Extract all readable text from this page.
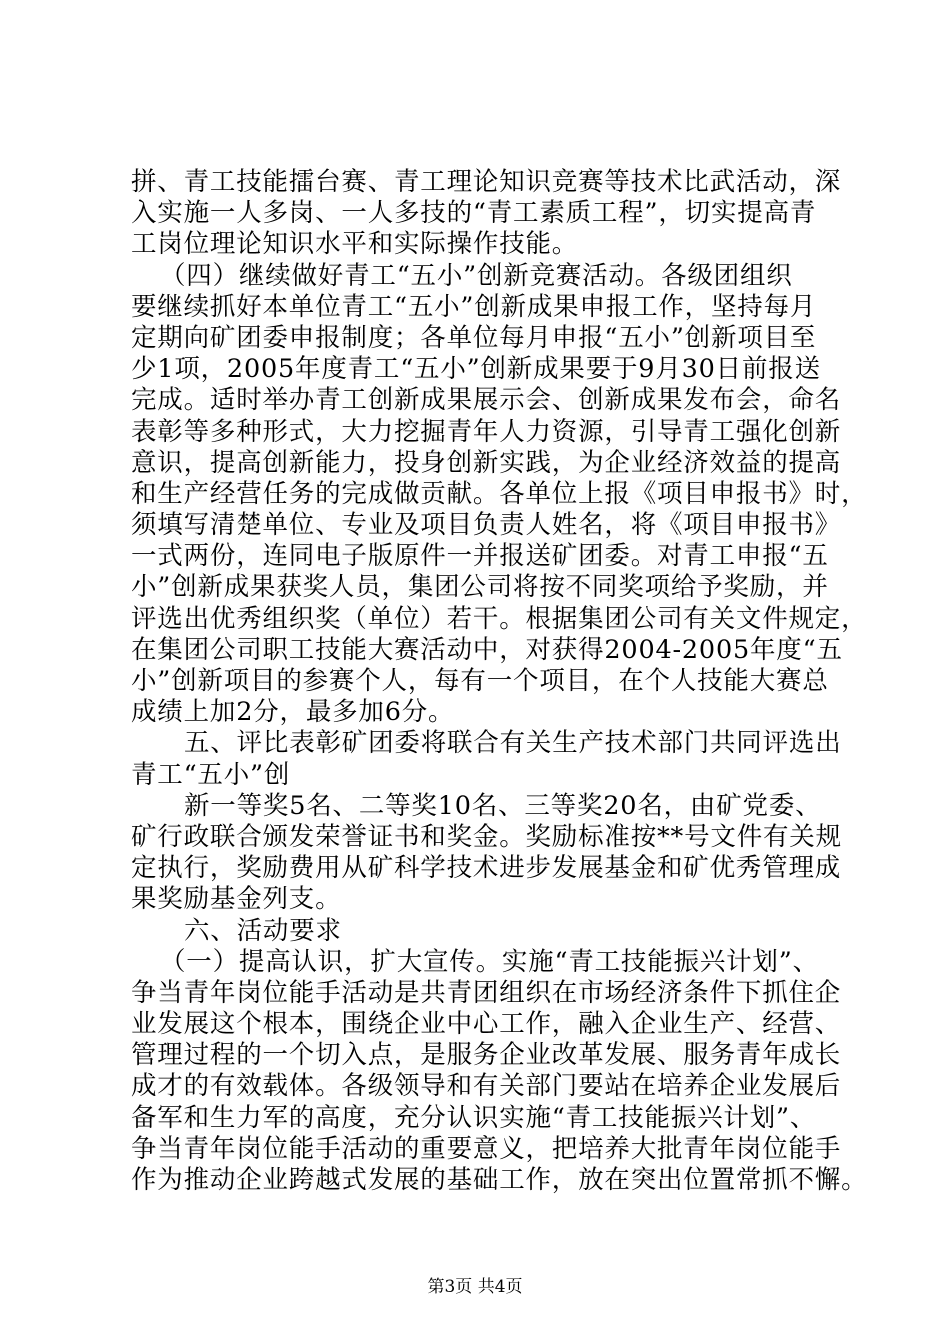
第3页 共4页
拼、青工技能擂台赛、青工理论知识竞赛等技术比武活动，深
入实施一人多岗、一人多技的“青工素质工程”，切实提高青
工岗位理论知识水平和实际操作技能。
（四）继续做好青工“五小”创新竞赛活动。各级团组织
要继续抓好本单位青工“五小”创新成果申报工作，坚持每月
定期向矿团委申报制度；各单位每月申报“五小”创新项目至
少1项，2005年度青工“五小”创新成果要于9月30日前报送
完成。适时举办青工创新成果展示会、创新成果发布会，命名
表彰等多种形式，大力挖掘青年人力资源，引导青工强化创新
意识，提高创新能力，投身创新实践，为企业经济效益的提高
和生产经营任务的完成做贡献。各单位上报《项目申报书》时，
须填写清楚单位、专业及项目负责人姓名，将《项目申报书》
一式两份，连同电子版原件一并报送矿团委。对青工申报“五
小”创新成果获奖人员，集团公司将按不同奖项给予奖励，并
评选出优秀组织奖（单位）若干。根据集团公司有关文件规定，
在集团公司职工技能大赛活动中，对获得2004-2005年度“五
小”创新项目的参赛个人，每有一个项目，在个人技能大赛总
成绩上加2分，最多加6分。
五、评比表彰矿团委将联合有关生产技术部门共同评选出
青工“五小”创
新一等奖5名、二等奖10名、三等奖20名，由矿党委、
矿行政联合颁发荣誉证书和奖金。奖励标准按**号文件有关规
定执行，奖励费用从矿科学技术进步发展基金和矿优秀管理成
果奖励基金列支。
六、活动要求
（一）提高认识，扩大宣传。实施“青工技能振兴计划”、
争当青年岗位能手活动是共青团组织在市场经济条件下抓住企
业发展这个根本，围绕企业中心工作，融入企业生产、经营、
管理过程的一个切入点，是服务企业改革发展、服务青年成长
成才的有效载体。各级领导和有关部门要站在培养企业发展后
备军和生力军的高度，充分认识实施“青工技能振兴计划”、
争当青年岗位能手活动的重要意义，把培养大批青年岗位能手
作为推动企业跨越式发展的基础工作，放在突出位置常抓不懈。
